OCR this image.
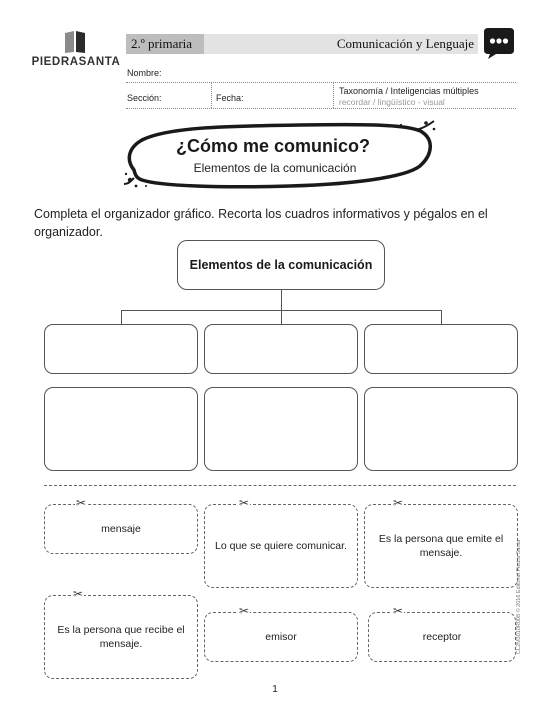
PIEDRASANTA
2.º primaria	Comunicación y Lenguaje
Nombre:
Sección:	Fecha:
Taxonomía / Inteligencias múltiples
recordar / lingüístico - visual
¿Cómo me comunico?
Elementos de la comunicación
Completa el organizador gráfico. Recorta los cuadros informativos y pégalos en el organizador.
Elementos de la comunicación
mensaje
✂
Lo que se quiere comunicar.
✂
Es la persona que emite el mensaje.
✂
Es la persona que recibe el mensaje.
✂
emisor
✂
receptor
✂	CL2M3010R008 © 2016 Editorial Piedra Santa
1
